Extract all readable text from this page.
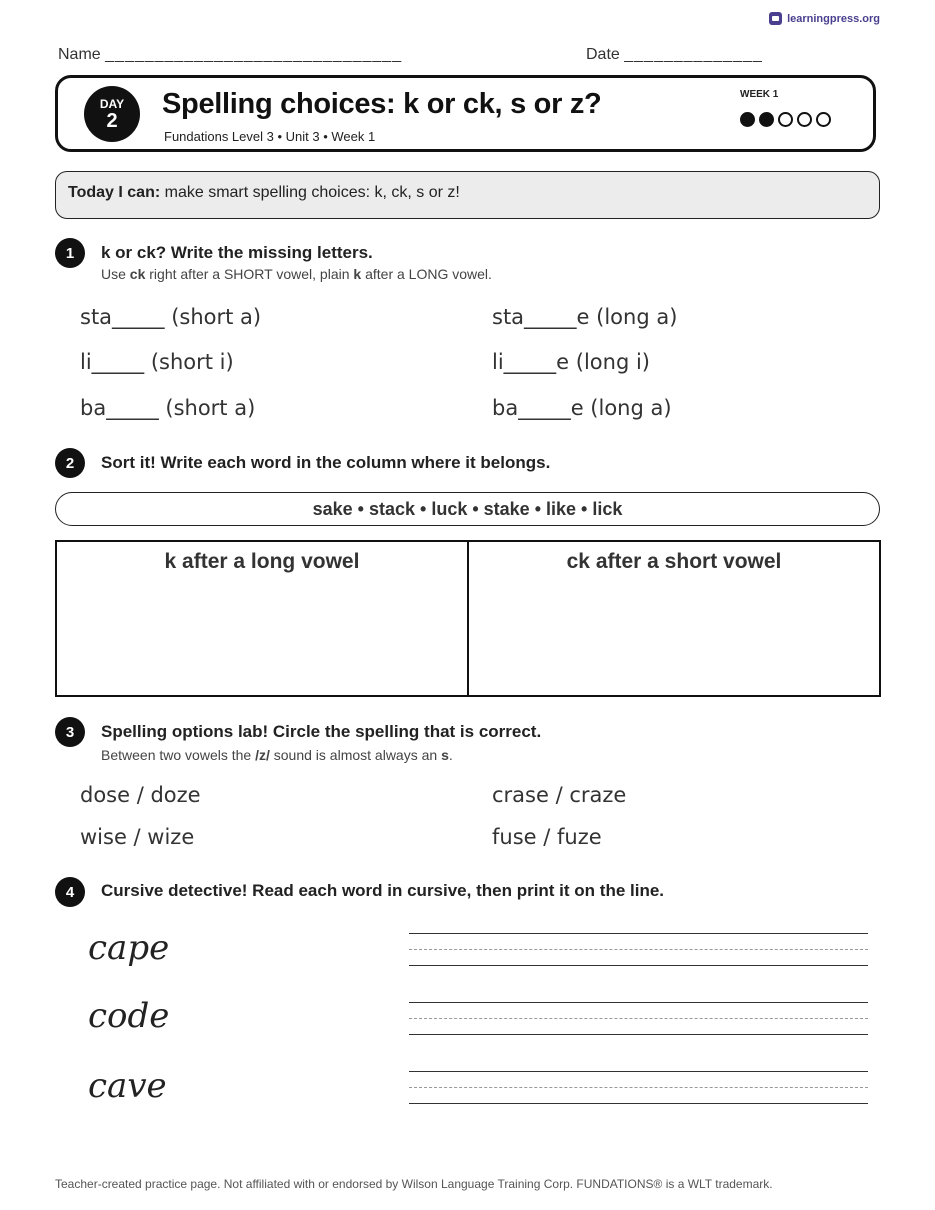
learningpress.org
Name ______________________________	Date ______________
DAY
2
Spelling choices: k or ck, s or z?
Fundations Level 3 • Unit 3 • Week 1
WEEK 1
Today I can: make smart spelling choices: k, ck, s or z!
1	k or ck? Write the missing letters.
Use ck right after a SHORT vowel, plain k after a LONG vowel.
sta_____ (short a)	sta_____e (long a)
li_____ (short i)	li_____e (long i)
ba_____ (short a)	ba_____e (long a)
2	Sort it! Write each word in the column where it belongs.
sake • stack • luck • stake • like • lick
k after a long vowel	ck after a short vowel
3	Spelling options lab! Circle the spelling that is correct.
Between two vowels the /z/ sound is almost always an s.
dose / doze	crase / craze
wise / wize	fuse / fuze
4	Cursive detective! Read each word in cursive, then print it on the line.
cape
code
cave
Teacher-created practice page. Not affiliated with or endorsed by Wilson Language Training Corp. FUNDATIONS® is a WLT trademark.
